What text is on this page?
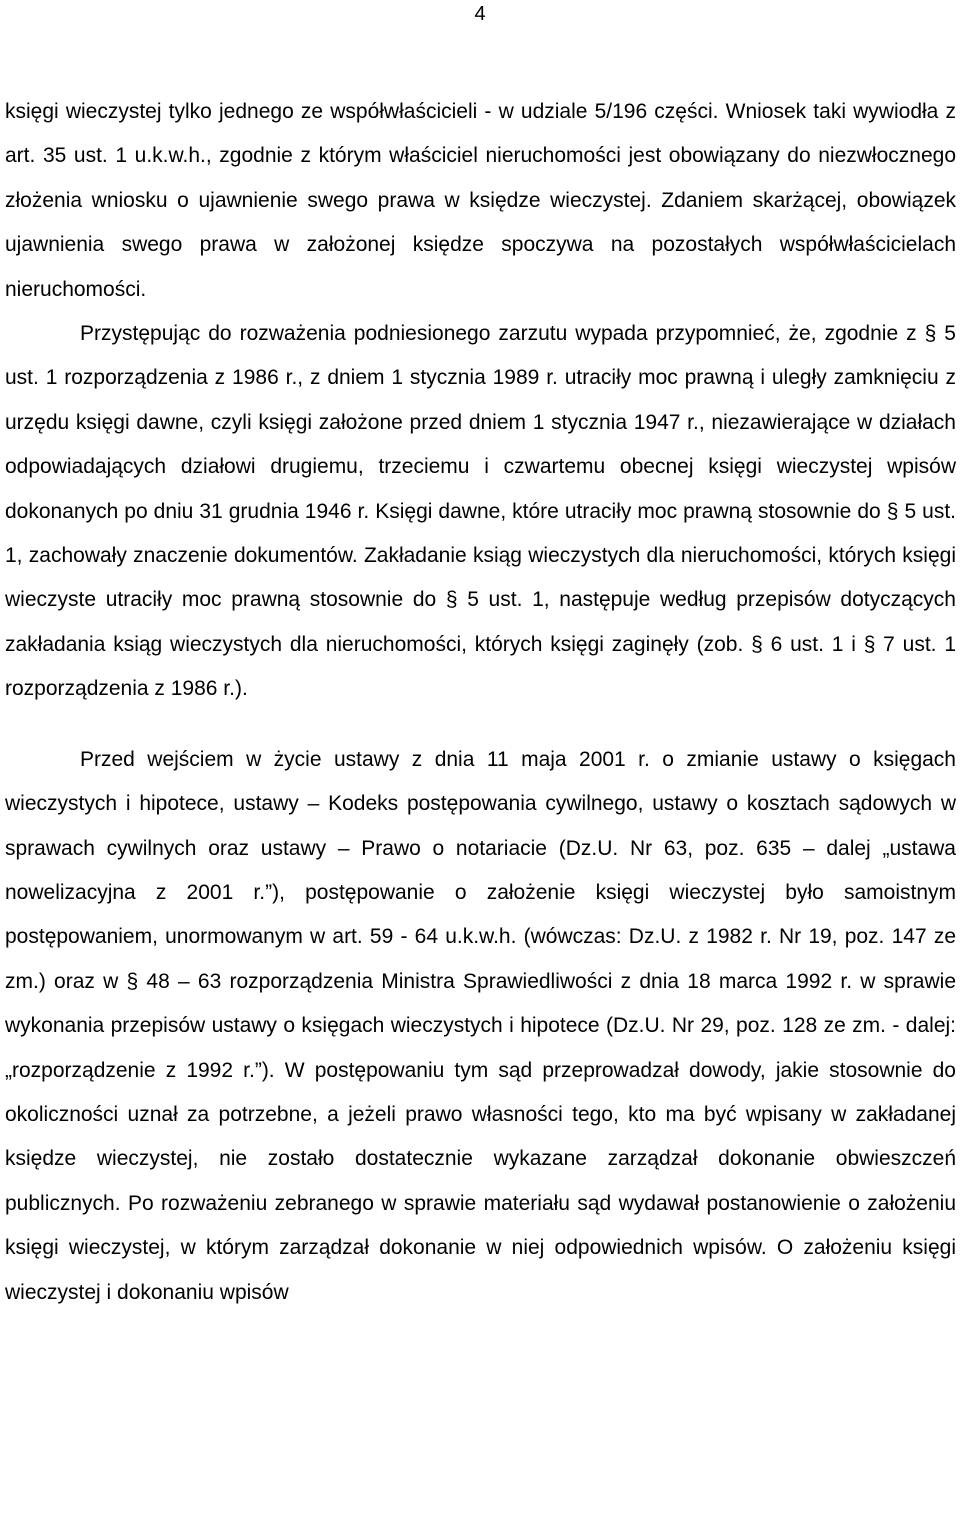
4

księgi wieczystej tylko jednego ze współwłaścicieli - w udziale 5/196 części. Wniosek taki wywiodła z art. 35 ust. 1 u.k.w.h., zgodnie z którym właściciel nieruchomości jest obowiązany do niezwłocznego złożenia wniosku o ujawnienie swego prawa w księdze wieczystej. Zdaniem skarżącej, obowiązek ujawnienia swego prawa w założonej księdze spoczywa na pozostałych współwłaścicielach nieruchomości.

Przystępując do rozważenia podniesionego zarzutu wypada przypomnieć, że, zgodnie z § 5 ust. 1 rozporządzenia z 1986 r., z dniem 1 stycznia 1989 r. utraciły moc prawną i uległy zamknięciu z urzędu księgi dawne, czyli księgi założone przed dniem 1 stycznia 1947 r., niezawierające w działach odpowiadających działowi drugiemu, trzeciemu i czwartemu obecnej księgi wieczystej wpisów dokonanych po dniu 31 grudnia 1946 r. Księgi dawne, które utraciły moc prawną stosownie do § 5 ust. 1, zachowały znaczenie dokumentów. Zakładanie ksiąg wieczystych dla nieruchomości, których księgi wieczyste utraciły moc prawną stosownie do § 5 ust. 1, następuje według przepisów dotyczących zakładania ksiąg wieczystych dla nieruchomości, których księgi zaginęły (zob. § 6 ust. 1 i § 7 ust. 1 rozporządzenia z 1986 r.).

Przed wejściem w życie ustawy z dnia 11 maja 2001 r. o zmianie ustawy o księgach wieczystych i hipotece, ustawy – Kodeks postępowania cywilnego, ustawy o kosztach sądowych w sprawach cywilnych oraz ustawy – Prawo o notariacie (Dz.U. Nr 63, poz. 635 – dalej „ustawa nowelizacyjna z 2001 r.”), postępowanie o założenie księgi wieczystej było samoistnym postępowaniem, unormowanym w art. 59 - 64 u.k.w.h. (wówczas: Dz.U. z 1982 r. Nr 19, poz. 147 ze zm.) oraz w § 48 – 63 rozporządzenia Ministra Sprawiedliwości z dnia 18 marca 1992 r. w sprawie wykonania przepisów ustawy o księgach wieczystych i hipotece (Dz.U. Nr 29, poz. 128 ze zm. - dalej: „rozporządzenie z 1992 r.”). W postępowaniu tym sąd przeprowadzał dowody, jakie stosownie do okoliczności uznał za potrzebne, a jeżeli prawo własności tego, kto ma być wpisany w zakładanej księdze wieczystej, nie zostało dostatecznie wykazane zarządzał dokonanie obwieszczeń publicznych. Po rozważeniu zebranego w sprawie materiału sąd wydawał postanowienie o założeniu księgi wieczystej, w którym zarządzał dokonanie w niej odpowiednich wpisów. O założeniu księgi wieczystej i dokonaniu wpisów
